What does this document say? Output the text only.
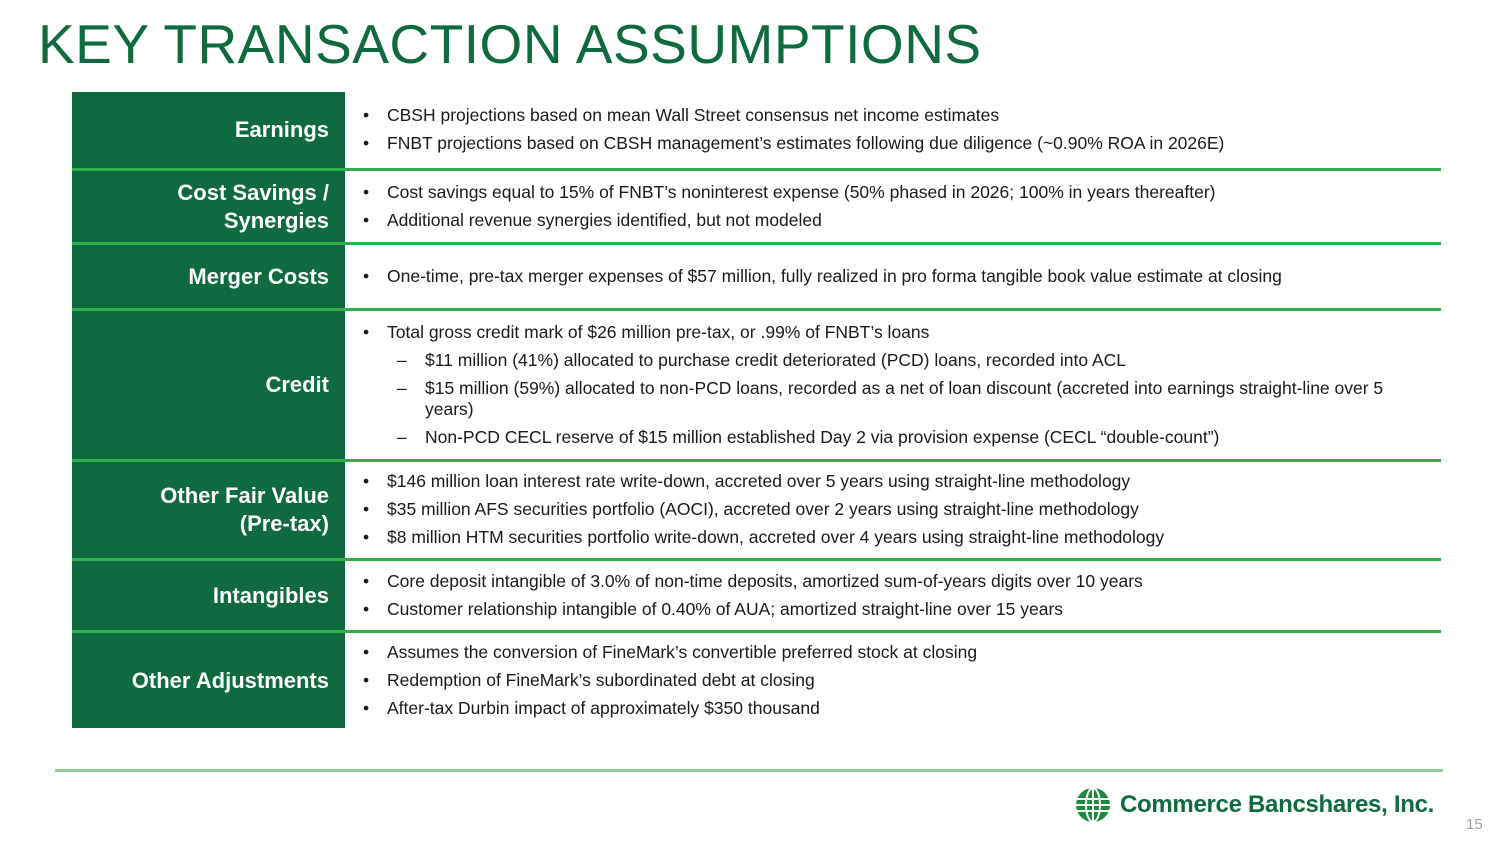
KEY TRANSACTION ASSUMPTIONS
Earnings
• CBSH projections based on mean Wall Street consensus net income estimates
• FNBT projections based on CBSH management’s estimates following due diligence (~0.90% ROA in 2026E)
Cost Savings /
Synergies
• Cost savings equal to 15% of FNBT’s noninterest expense (50% phased in 2026; 100% in years thereafter)
• Additional revenue synergies identified, but not modeled
Merger Costs
•	One-time, pre-tax merger expenses of $57 million, fully realized in pro forma tangible book value estimate at closing
Credit
• Total gross credit mark of $26 million pre-tax, or .99% of FNBT’s loans
– $11 million (41%) allocated to purchase credit deteriorated (PCD) loans, recorded into ACL
– $15 million (59%) allocated to non-PCD loans, recorded as a net of loan discount (accreted into earnings straight-line over 5 years)
– Non-PCD CECL reserve of $15 million established Day 2 via provision expense (CECL “double-count”)
Other Fair Value
(Pre-tax)
• $146 million loan interest rate write-down, accreted over 5 years using straight-line methodology
• $35 million AFS securities portfolio (AOCI), accreted over 2 years using straight-line methodology
• $8 million HTM securities portfolio write-down, accreted over 4 years using straight-line methodology
Intangibles
• Core deposit intangible of 3.0% of non-time deposits, amortized sum-of-years digits over 10 years
• Customer relationship intangible of 0.40% of AUA; amortized straight-line over 15 years
Other Adjustments
• Assumes the conversion of FineMark’s convertible preferred stock at closing
• Redemption of FineMark’s subordinated debt at closing
• After-tax Durbin impact of approximately $350 thousand
Commerce Bancshares, Inc.
15
